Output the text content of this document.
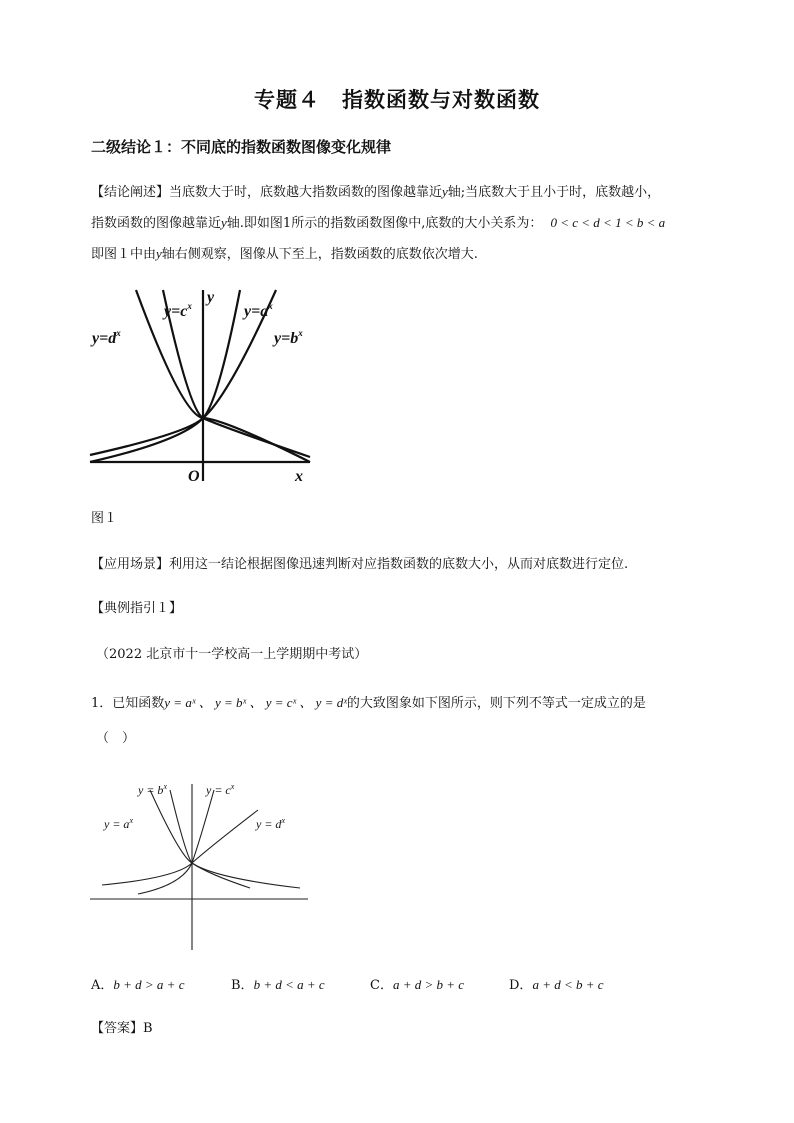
专题４　指数函数与对数函数
二级结论１：不同底的指数函数图像变化规律
【结论阐述】当底数大于时，底数越大指数函数的图像越靠近y轴;当底数大于且小于时，底数越小，
指数函数的图像越靠近y轴.即如图1所示的指数函数图像中,底数的大小关系为： 0 < c < d < 1 < b < a
即图１中由y轴右侧观察，图像从下至上，指数函数的底数依次增大.
$y=c^x$	$y=a^x$
$y=d^x$	$y=b^x$
y
O	x
图１
【应用场景】利用这一结论根据图像迅速判断对应指数函数的底数大小，从而对底数进行定位.
【典例指引１】
（2022 北京市十一学校高一上学期期中考试）
1．已知函数y = aˣ 、 y = bˣ 、 y = cˣ 、 y = dˣ的大致图象如下图所示，则下列不等式一定成立的是
（　）
$y = b^x$	$y = c^x$
$y = a^x$	$y = d^x$
A．b + d > a + c	B．b + d < a + c	C．a + d > b + c	D．a + d < b + c
【答案】B
